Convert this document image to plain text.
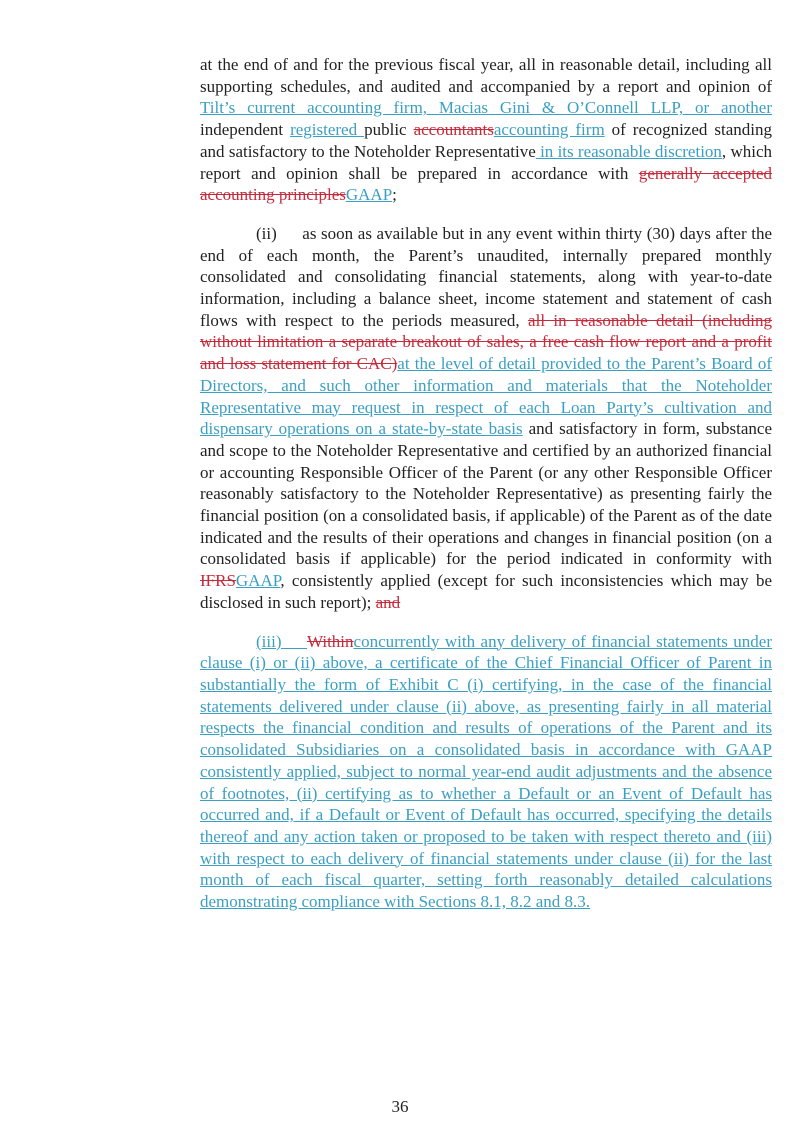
at the end of and for the previous fiscal year, all in reasonable detail, including all supporting schedules, and audited and accompanied by a report and opinion of Tilt’s current accounting firm, Macias Gini & O’Connell LLP, or another independent registered public accountantsaccounting firm of recognized standing and satisfactory to the Noteholder Representative in its reasonable discretion, which report and opinion shall be prepared in accordance with generally accepted accounting principlesGAAP;

(ii)   as soon as available but in any event within thirty (30) days after the end of each month, the Parent’s unaudited, internally prepared monthly consolidated and consolidating financial statements, along with year-to-date information, including a balance sheet, income statement and statement of cash flows with respect to the periods measured, all in reasonable detail (including without limitation a separate breakout of sales, a free cash flow report and a profit and loss statement for CAC)at the level of detail provided to the Parent’s Board of Directors, and such other information and materials that the Noteholder Representative may request in respect of each Loan Party’s cultivation and dispensary operations on a state-by-state basis and satisfactory in form, substance and scope to the Noteholder Representative and certified by an authorized financial or accounting Responsible Officer of the Parent (or any other Responsible Officer reasonably satisfactory to the Noteholder Representative) as presenting fairly the financial position (on a consolidated basis, if applicable) of the Parent as of the date indicated and the results of their operations and changes in financial position (on a consolidated basis if applicable) for the period indicated in conformity with IFRSGAAP, consistently applied (except for such inconsistencies which may be disclosed in such report); and

(iii)   Withinconcurrently with any delivery of financial statements under clause (i) or (ii) above, a certificate of the Chief Financial Officer of Parent in substantially the form of Exhibit C (i) certifying, in the case of the financial statements delivered under clause (ii) above, as presenting fairly in all material respects the financial condition and results of operations of the Parent and its consolidated Subsidiaries on a consolidated basis in accordance with GAAP consistently applied, subject to normal year-end audit adjustments and the absence of footnotes, (ii) certifying as to whether a Default or an Event of Default has occurred and, if a Default or Event of Default has occurred, specifying the details thereof and any action taken or proposed to be taken with respect thereto and (iii) with respect to each delivery of financial statements under clause (ii) for the last month of each fiscal quarter, setting forth reasonably detailed calculations demonstrating compliance with Sections 8.1, 8.2 and 8.3.

36
